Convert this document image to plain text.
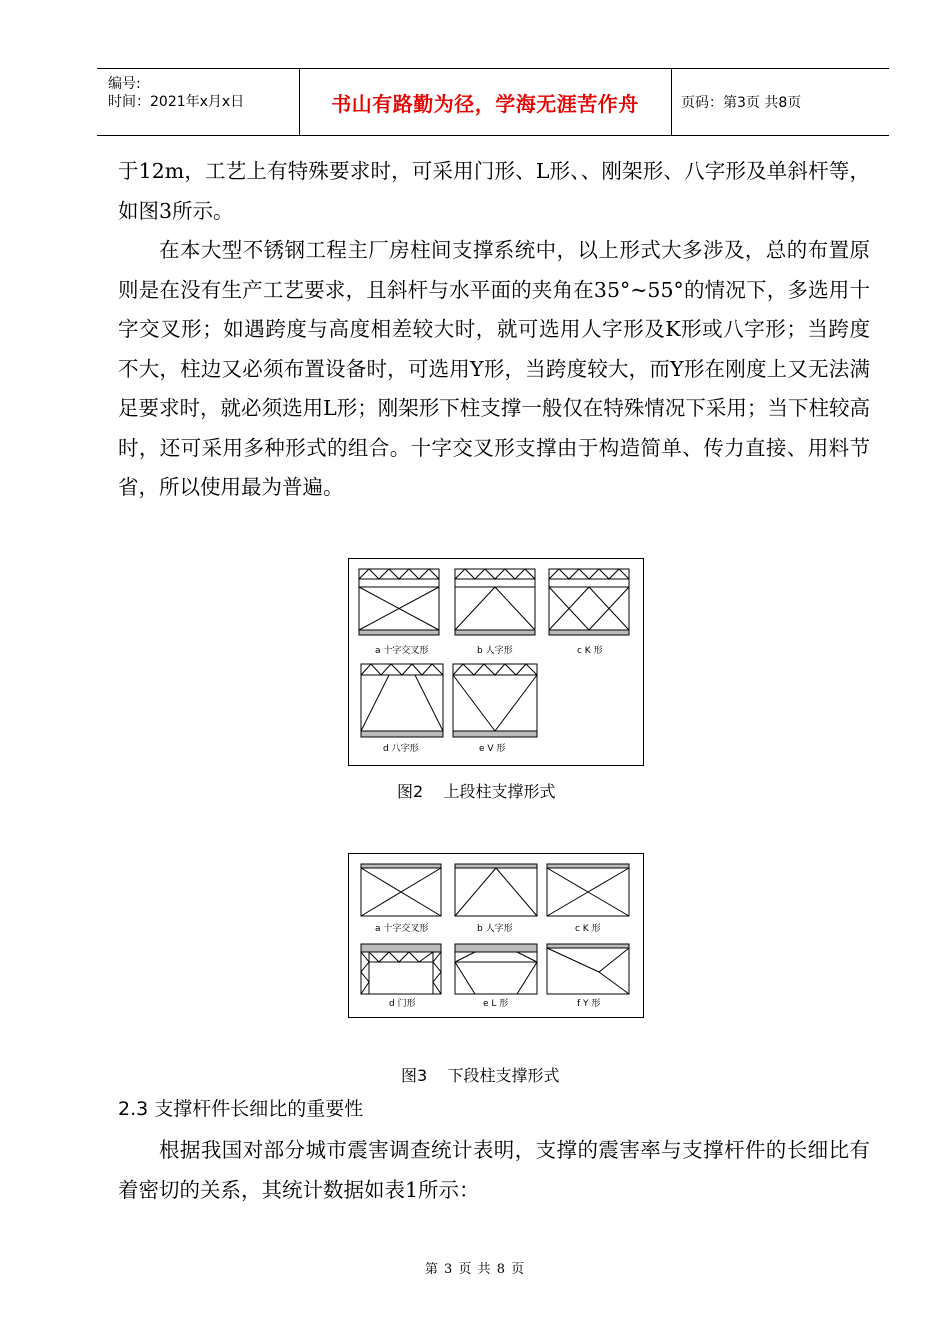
编号:
时间：2021年x月x日	书山有路勤为径，学海无涯苦作舟	页码：第3页 共8页
于12m，工艺上有特殊要求时，可采用门形、L形、、刚架形、八字形及单斜杆等，如图3所示。
在本大型不锈钢工程主厂房柱间支撑系统中，以上形式大多涉及，总的布置原则是在没有生产工艺要求，且斜杆与水平面的夹角在35°~55°的情况下，多选用十字交叉形；如遇跨度与高度相差较大时，就可选用人字形及K形或八字形；当跨度不大，柱边又必须布置设备时，可选用Y形，当跨度较大，而Y形在刚度上又无法满足要求时，就必须选用L形；刚架形下柱支撑一般仅在特殊情况下采用；当下柱较高时，还可采用多种形式的组合。十字交叉形支撑由于构造简单、传力直接、用料节省，所以使用最为普遍。
a 十字交叉形	b 人字形	c K 形
d 八字形	e V 形
图2    上段柱支撑形式
a 十字交叉形	b 人字形	c K 形
d 门形	e L 形	f Y 形
图3    下段柱支撑形式
2.3 支撑杆件长细比的重要性
根据我国对部分城市震害调查统计表明，支撑的震害率与支撑杆件的长细比有着密切的关系，其统计数据如表1所示：
第 3 页 共 8 页
